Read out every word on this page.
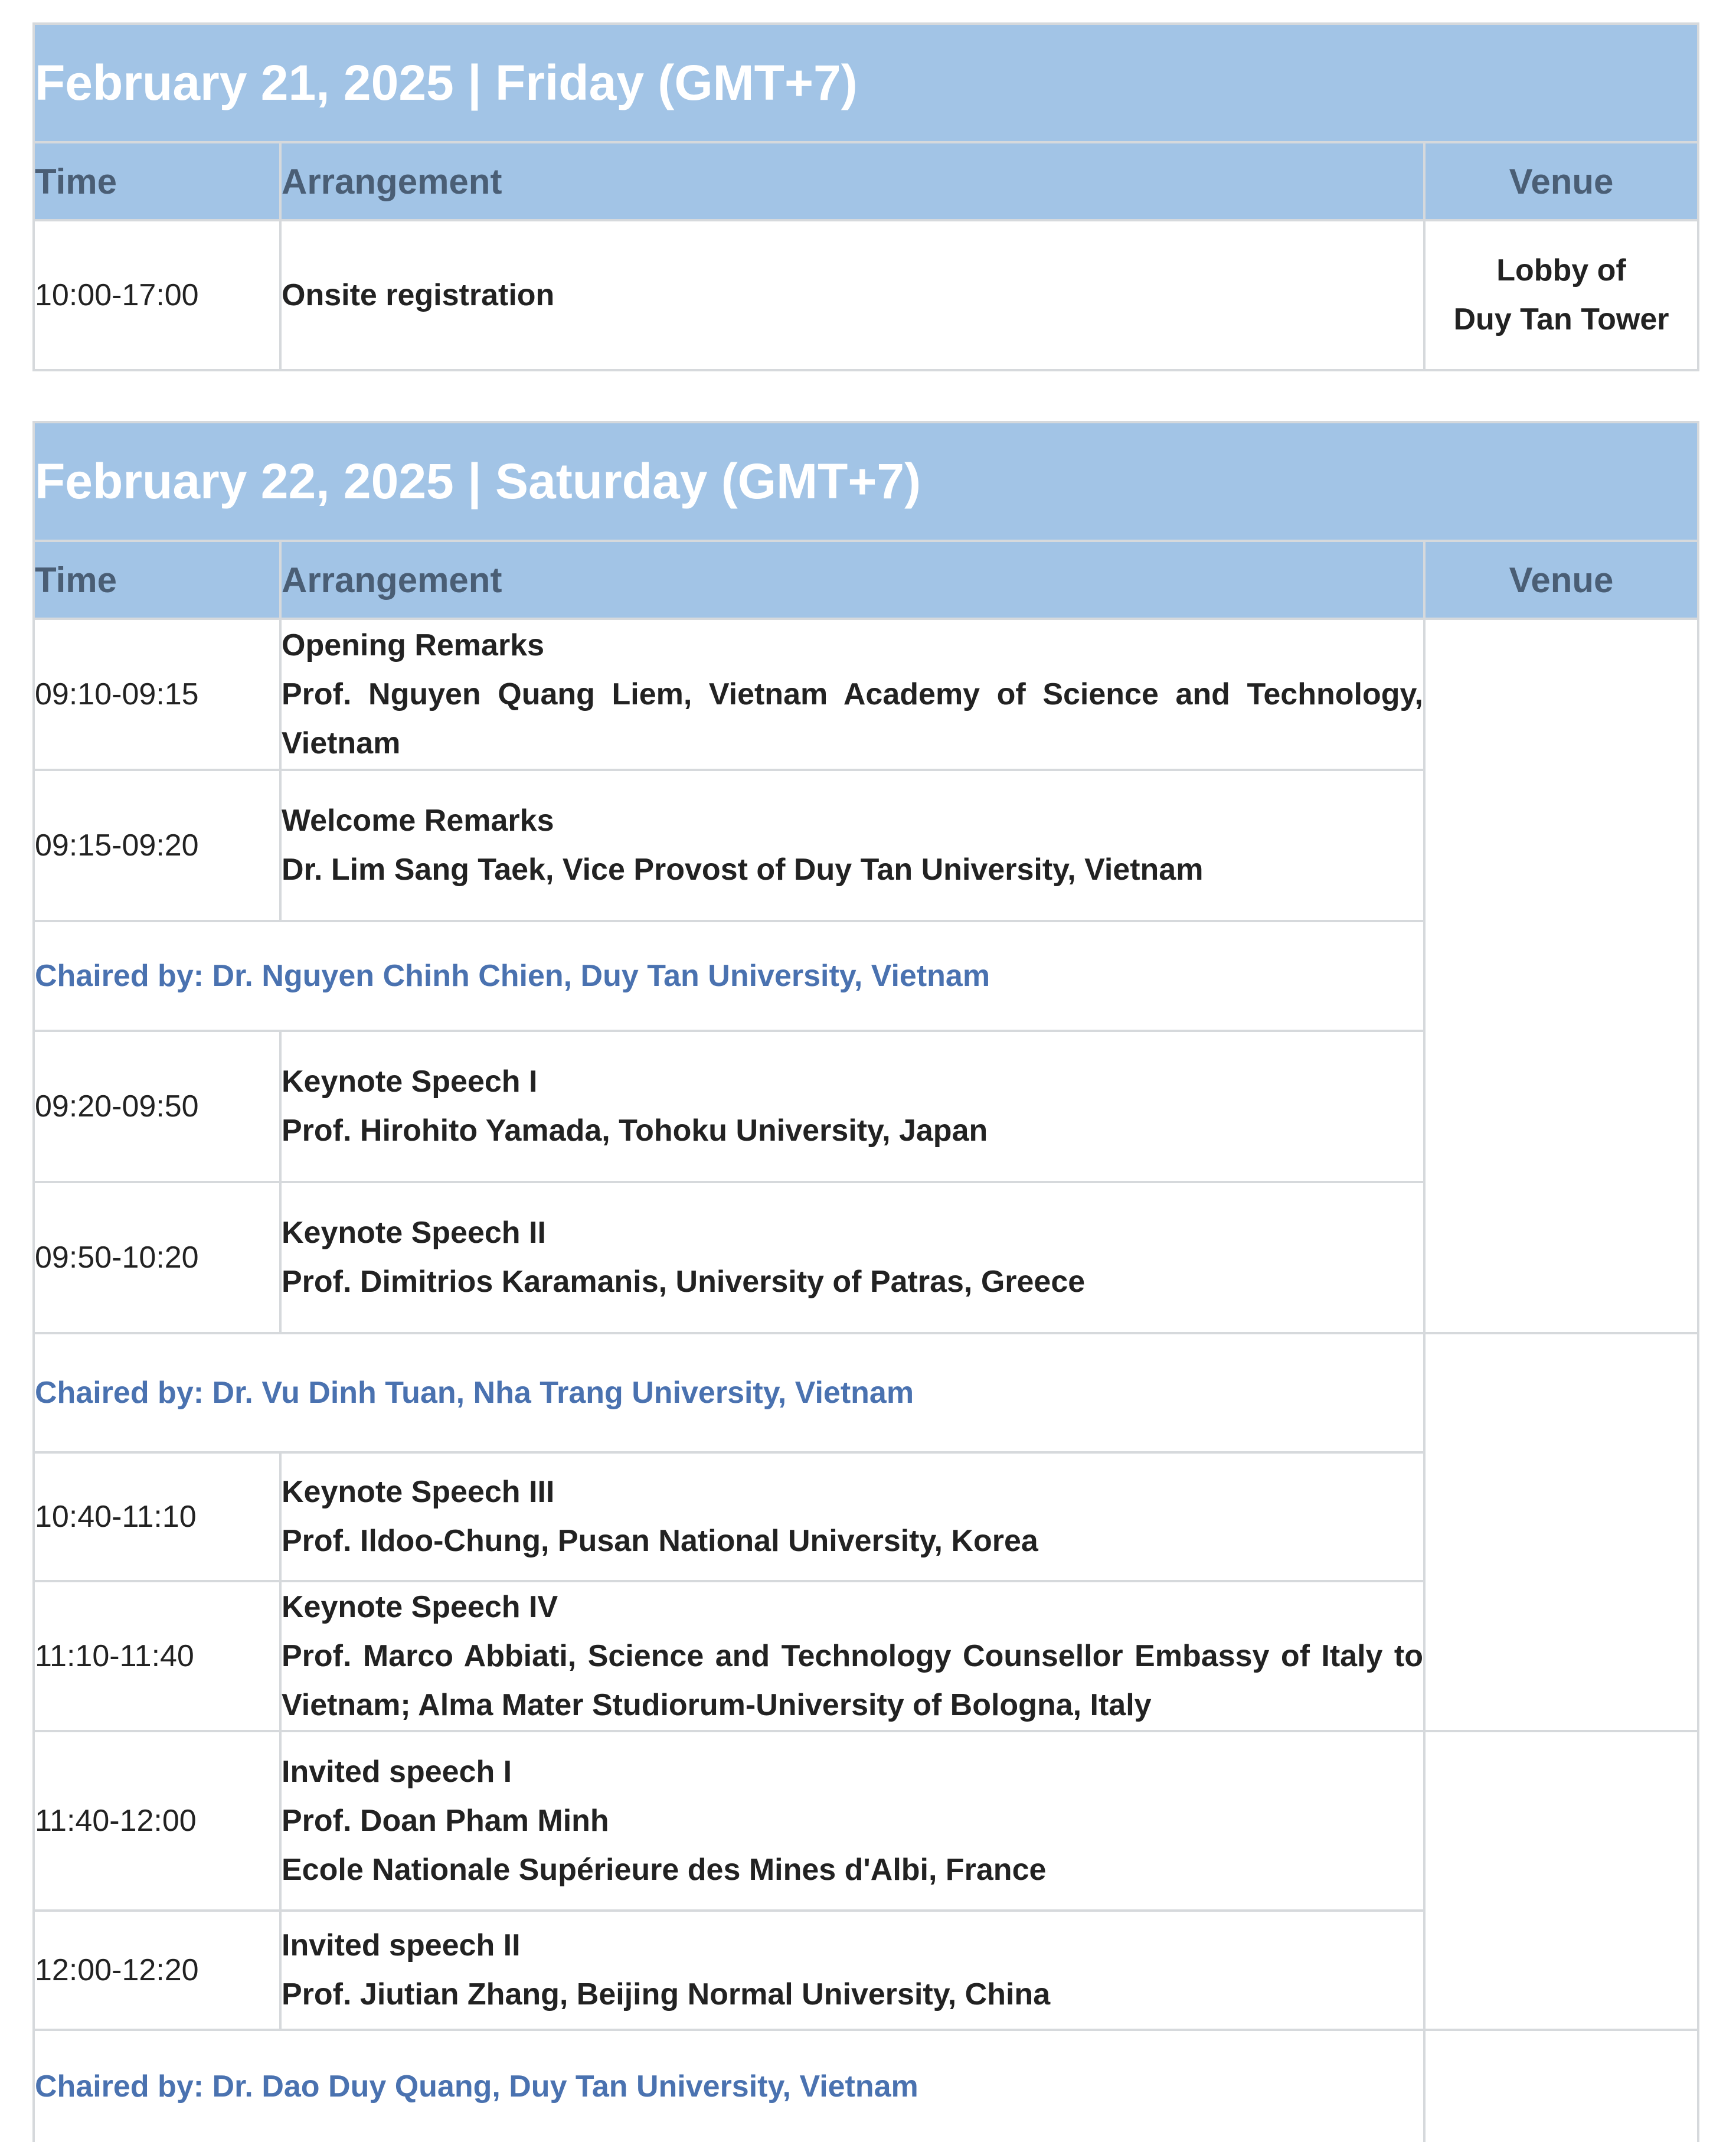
February 21, 2025 | Friday (GMT+7)		
Time	Arrangement	Venue
10:00-17:00	Onsite registration	Lobby of
Duy Tan Tower
February 22, 2025 | Saturday (GMT+7)		
Time	Arrangement	Venue
09:10-09:15	Opening Remarks
Prof. Nguyen Quang Liem, Vietnam Academy of Science and Technology, Vietnam	

09:15-09:20	Welcome Remarks
Dr. Lim Sang Taek, Vice Provost of Duy Tan University, Vietnam	

Chaired by: Dr. Nguyen Chinh Chien, Duy Tan University, Vietnam		
09:20-09:50	Keynote Speech I
Prof. Hirohito Yamada, Tohoku University, Japan	

09:50-10:20	Keynote Speech II
Prof. Dimitrios Karamanis, University of Patras, Greece	

Chaired by: Dr. Vu Dinh Tuan, Nha Trang University, Vietnam		
10:40-11:10	Keynote Speech III
Prof. Ildoo-Chung, Pusan National University, Korea	

11:10-11:40	Keynote Speech IV
Prof. Marco Abbiati, Science and Technology Counsellor Embassy of Italy to Vietnam; Alma Mater Studiorum-University of Bologna, Italy	

11:40-12:00	Invited speech I
Prof. Doan Pham Minh
Ecole Nationale Supérieure des Mines d'Albi, France	

12:00-12:20	Invited speech II
Prof. Jiutian Zhang, Beijing Normal University, China	

Chaired by: Dr. Dao Duy Quang, Duy Tan University, Vietnam		
